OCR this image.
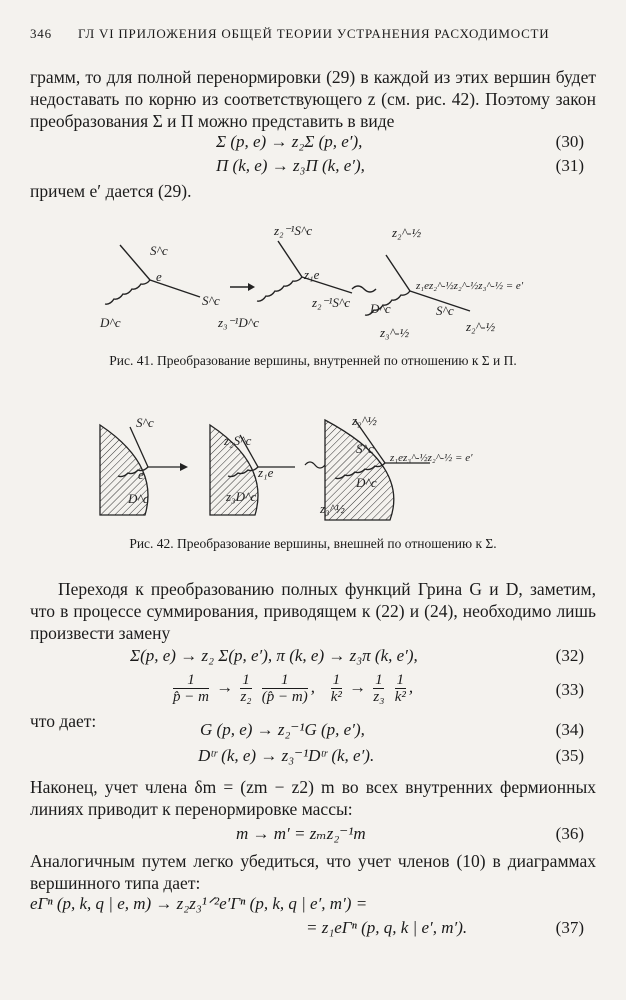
346 ГЛ VI ПРИЛОЖЕНИЯ ОБЩЕЙ ТЕОРИИ УСТРАНЕНИЯ РАСХОДИМОСТИ
грамм, то для полной перенормировки (29) в каждой из этих вершин будет недоставать по корню из соответствующего z (см. рис. 42). Поэтому закон преобразования Σ и Π можно представить в виде
Σ (p, e) → z₂Σ (p, e′),	(30)
Π (k, e) → z₃Π (k, e′),	(31)
причем e′ дается (29).
S^c
e
S^c
D^c
z₂⁻¹S^c
z₁e
z₂⁻¹S^c
z₃⁻¹D^c
~
z₂^-½
z₁ez₂^-½z₂^-½z₃^-½ = e′
D^c	S^c
z₂^-½
z₃^-½
Рис. 41. Преобразование вершины, внутренней по отношению к Σ и Π.
S^c
e
D^c
z₂S^c
z₁e
z₃D^c
~
z₂^½
S^c
z₁ez₃^-½z₂^-½ = e′
D^c
z₃^½
Рис. 42. Преобразование вершины, внешней по отношению к Σ.
Переходя к преобразованию полных функций Грина G и D, заметим, что в процессе суммирования, приводящем к (22) и (24), необходимо лишь произвести замену
Σ(p, e) → z₂ Σ(p, e′), π (k, e) → z₃π (k, e′),	(32)
$\frac{1}{p̂ - m} \to \frac{1}{\text{z₂}}$
$\frac{1}{(p̂ - m)}$ , $\frac{1}{\text{k²}} \to \frac{1}{\text{z₃}}$
$\frac{1}{\text{k²}}$ ,	(33)
что дает:	G (p, e) → z₂⁻¹G (p, e′),	(34)
Dᵗʳ (k, e) → z₃⁻¹Dᵗʳ (k, e′).	(35)
Наконец, учет члена δm = (zm − z2) m во всех внутренних фермионных линиях приводит к перенормировке массы:
m → m′ = zₘz₂⁻¹m	(36)
Аналогичным путем легко убедиться, что учет членов (10) в диаграммах вершинного типа дает:
eΓⁿ (p, k, q | e, m) → z₂z₃¹ᐟ²e′Γⁿ (p, k, q | e′, m′) =
= z₁eΓⁿ (p, q, k | e′, m′).	(37)
